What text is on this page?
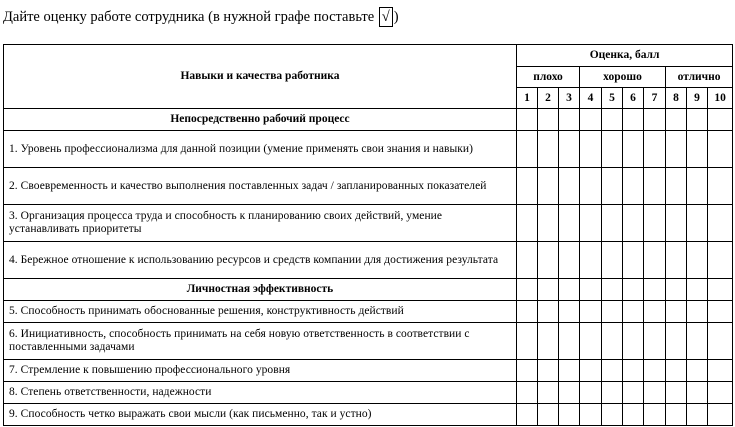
Дайте оценку работе сотрудника (в нужной графе поставьте √ )
Навыки и качества работника	Оценка, балл									
	плохо			хорошо				отлично		
	1	2	3	4	5	6	7	8	9	10
Непосредственно рабочий процесс										
1. Уровень профессионализма для данной позиции (умение применять свои знания и навыки)										
2. Своевременность и качество выполнения поставленных задач / запланированных показателей										
3. Организация процесса труда и способность к планированию своих действий, умение устанавливать приоритеты										
4. Бережное отношение к использованию ресурсов и средств компании для достижения результата										
Личностная эффективность										
5. Способность принимать обоснованные решения, конструктивность действий										
6. Инициативность, способность принимать на себя новую ответственность в соответствии с поставленными задачами										
7. Стремление к повышению профессионального уровня										
8. Степень ответственности, надежности										
9. Способность четко выражать свои мысли (как письменно, так и устно)										
